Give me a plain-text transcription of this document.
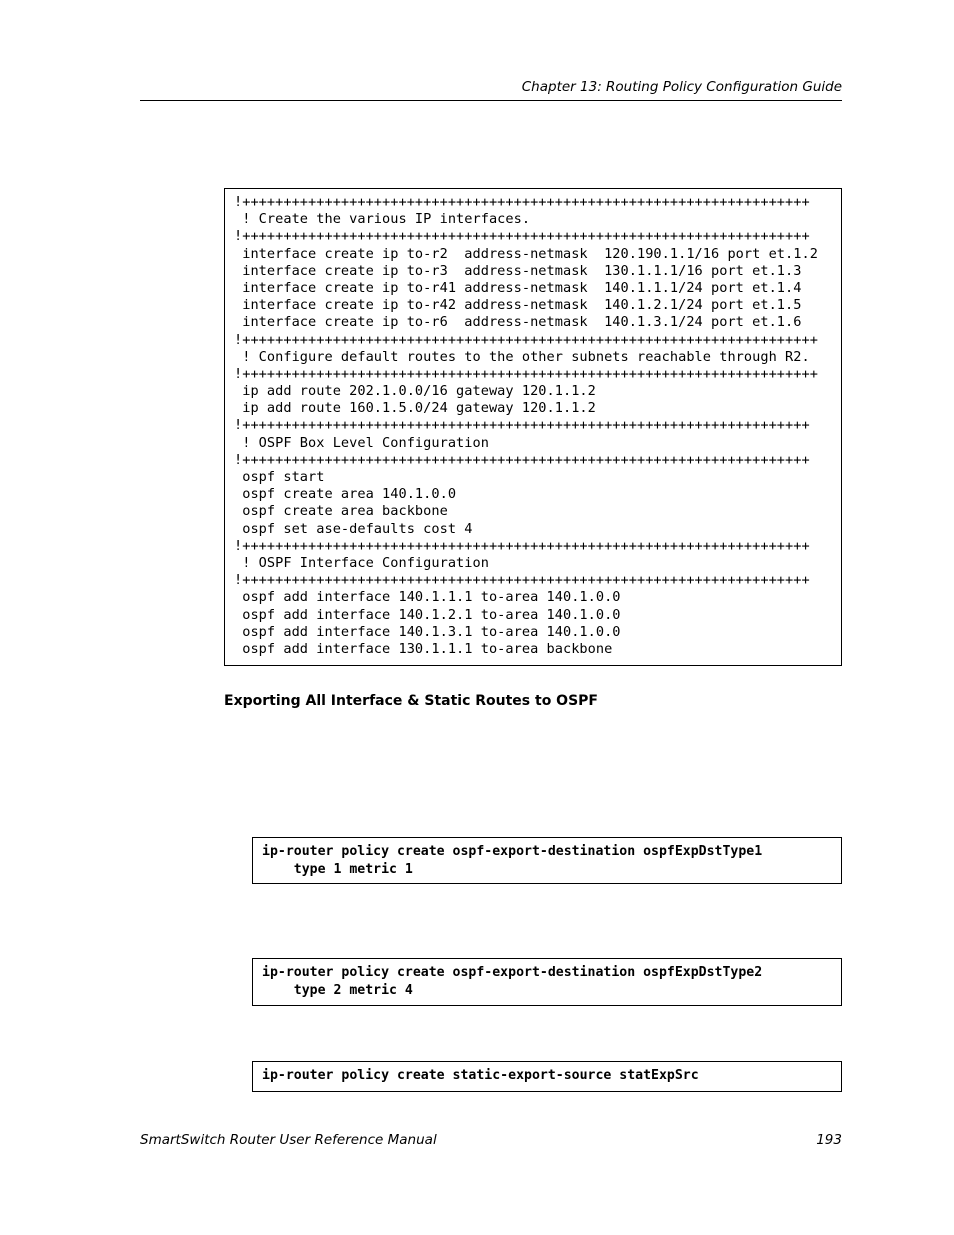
Chapter 13: Routing Policy Configuration Guide
!+++++++++++++++++++++++++++++++++++++++++++++++++++++++++++++++++++++
! Create the various IP interfaces.
!+++++++++++++++++++++++++++++++++++++++++++++++++++++++++++++++++++++
interface create ip to-r2  address-netmask  120.190.1.1/16 port et.1.2
interface create ip to-r3  address-netmask  130.1.1.1/16 port et.1.3
interface create ip to-r41 address-netmask  140.1.1.1/24 port et.1.4
interface create ip to-r42 address-netmask  140.1.2.1/24 port et.1.5
interface create ip to-r6  address-netmask  140.1.3.1/24 port et.1.6
!++++++++++++++++++++++++++++++++++++++++++++++++++++++++++++++++++++++
! Configure default routes to the other subnets reachable through R2.
!++++++++++++++++++++++++++++++++++++++++++++++++++++++++++++++++++++++
ip add route 202.1.0.0/16 gateway 120.1.1.2
ip add route 160.1.5.0/24 gateway 120.1.1.2
!+++++++++++++++++++++++++++++++++++++++++++++++++++++++++++++++++++++
! OSPF Box Level Configuration
!+++++++++++++++++++++++++++++++++++++++++++++++++++++++++++++++++++++
ospf start
ospf create area 140.1.0.0
ospf create area backbone
ospf set ase-defaults cost 4
!+++++++++++++++++++++++++++++++++++++++++++++++++++++++++++++++++++++
! OSPF Interface Configuration
!+++++++++++++++++++++++++++++++++++++++++++++++++++++++++++++++++++++
ospf add interface 140.1.1.1 to-area 140.1.0.0
ospf add interface 140.1.2.1 to-area 140.1.0.0
ospf add interface 140.1.3.1 to-area 140.1.0.0
ospf add interface 130.1.1.1 to-area backbone
Exporting All Interface & Static Routes to OSPF
ip-router policy create ospf-export-destination ospfExpDstType1
type 1 metric 1
ip-router policy create ospf-export-destination ospfExpDstType2
type 2 metric 4
ip-router policy create static-export-source statExpSrc
SmartSwitch Router User Reference Manual	193
